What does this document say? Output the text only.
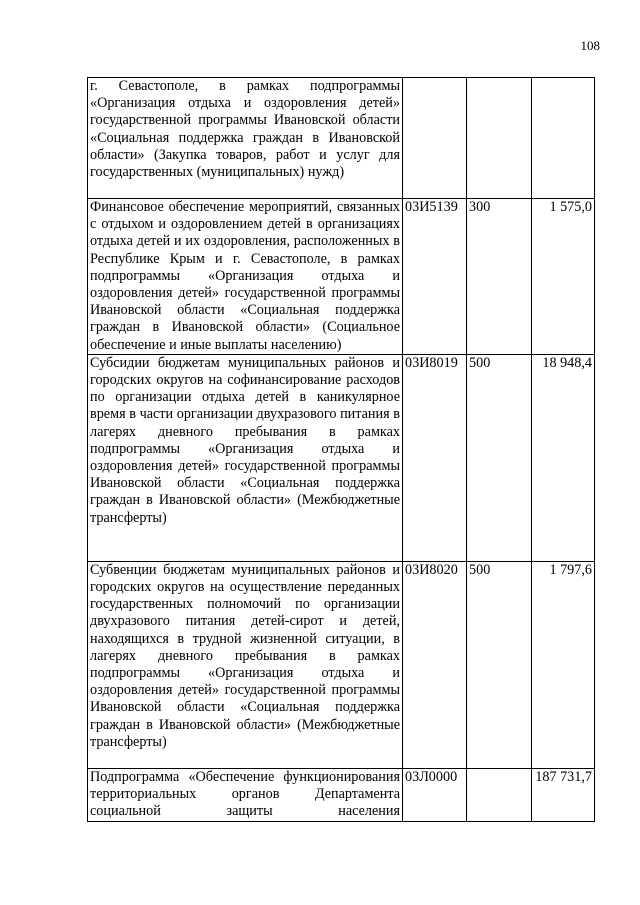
108
г. Севастополе, в рамках подпрограммы «Организация отдыха и оздоровления детей» государственной программы Ивановской области «Социальная поддержка граждан в Ивановской области» (Закупка товаров, работ и услуг для государственных (муниципальных) нужд)			
Финансовое обеспечение мероприятий, связанных с отдыхом и оздоровлением детей в организациях отдыха детей и их оздоровления, расположенных в Республике Крым и г. Севастополе, в рамках подпрограммы «Организация отдыха и оздоровления детей» государственной программы Ивановской области «Социальная поддержка граждан в Ивановской области» (Социальное обеспечение и иные выплаты населению)	03И5139	300	1 575,0
Субсидии бюджетам муниципальных районов и городских округов на софинансирование расходов по организации отдыха детей в каникулярное время в части организации двухразового питания в лагерях дневного пребывания в рамках подпрограммы «Организация отдыха и оздоровления детей» государственной программы Ивановской области «Социальная поддержка граждан в Ивановской области» (Межбюджетные трансферты)	03И8019	500	18 948,4
Субвенции бюджетам муниципальных районов и городских округов на осуществление переданных государственных полномочий по организации двухразового питания детей-сирот и детей, находящихся в трудной жизненной ситуации, в лагерях дневного пребывания в рамках подпрограммы «Организация отдыха и оздоровления детей» государственной программы Ивановской области «Социальная поддержка граждан в Ивановской области» (Межбюджетные трансферты)	03И8020	500	1 797,6
Подпрограмма «Обеспечение функционирования территориальных органов Департамента социальной защиты населения	03Л0000		187 731,7
